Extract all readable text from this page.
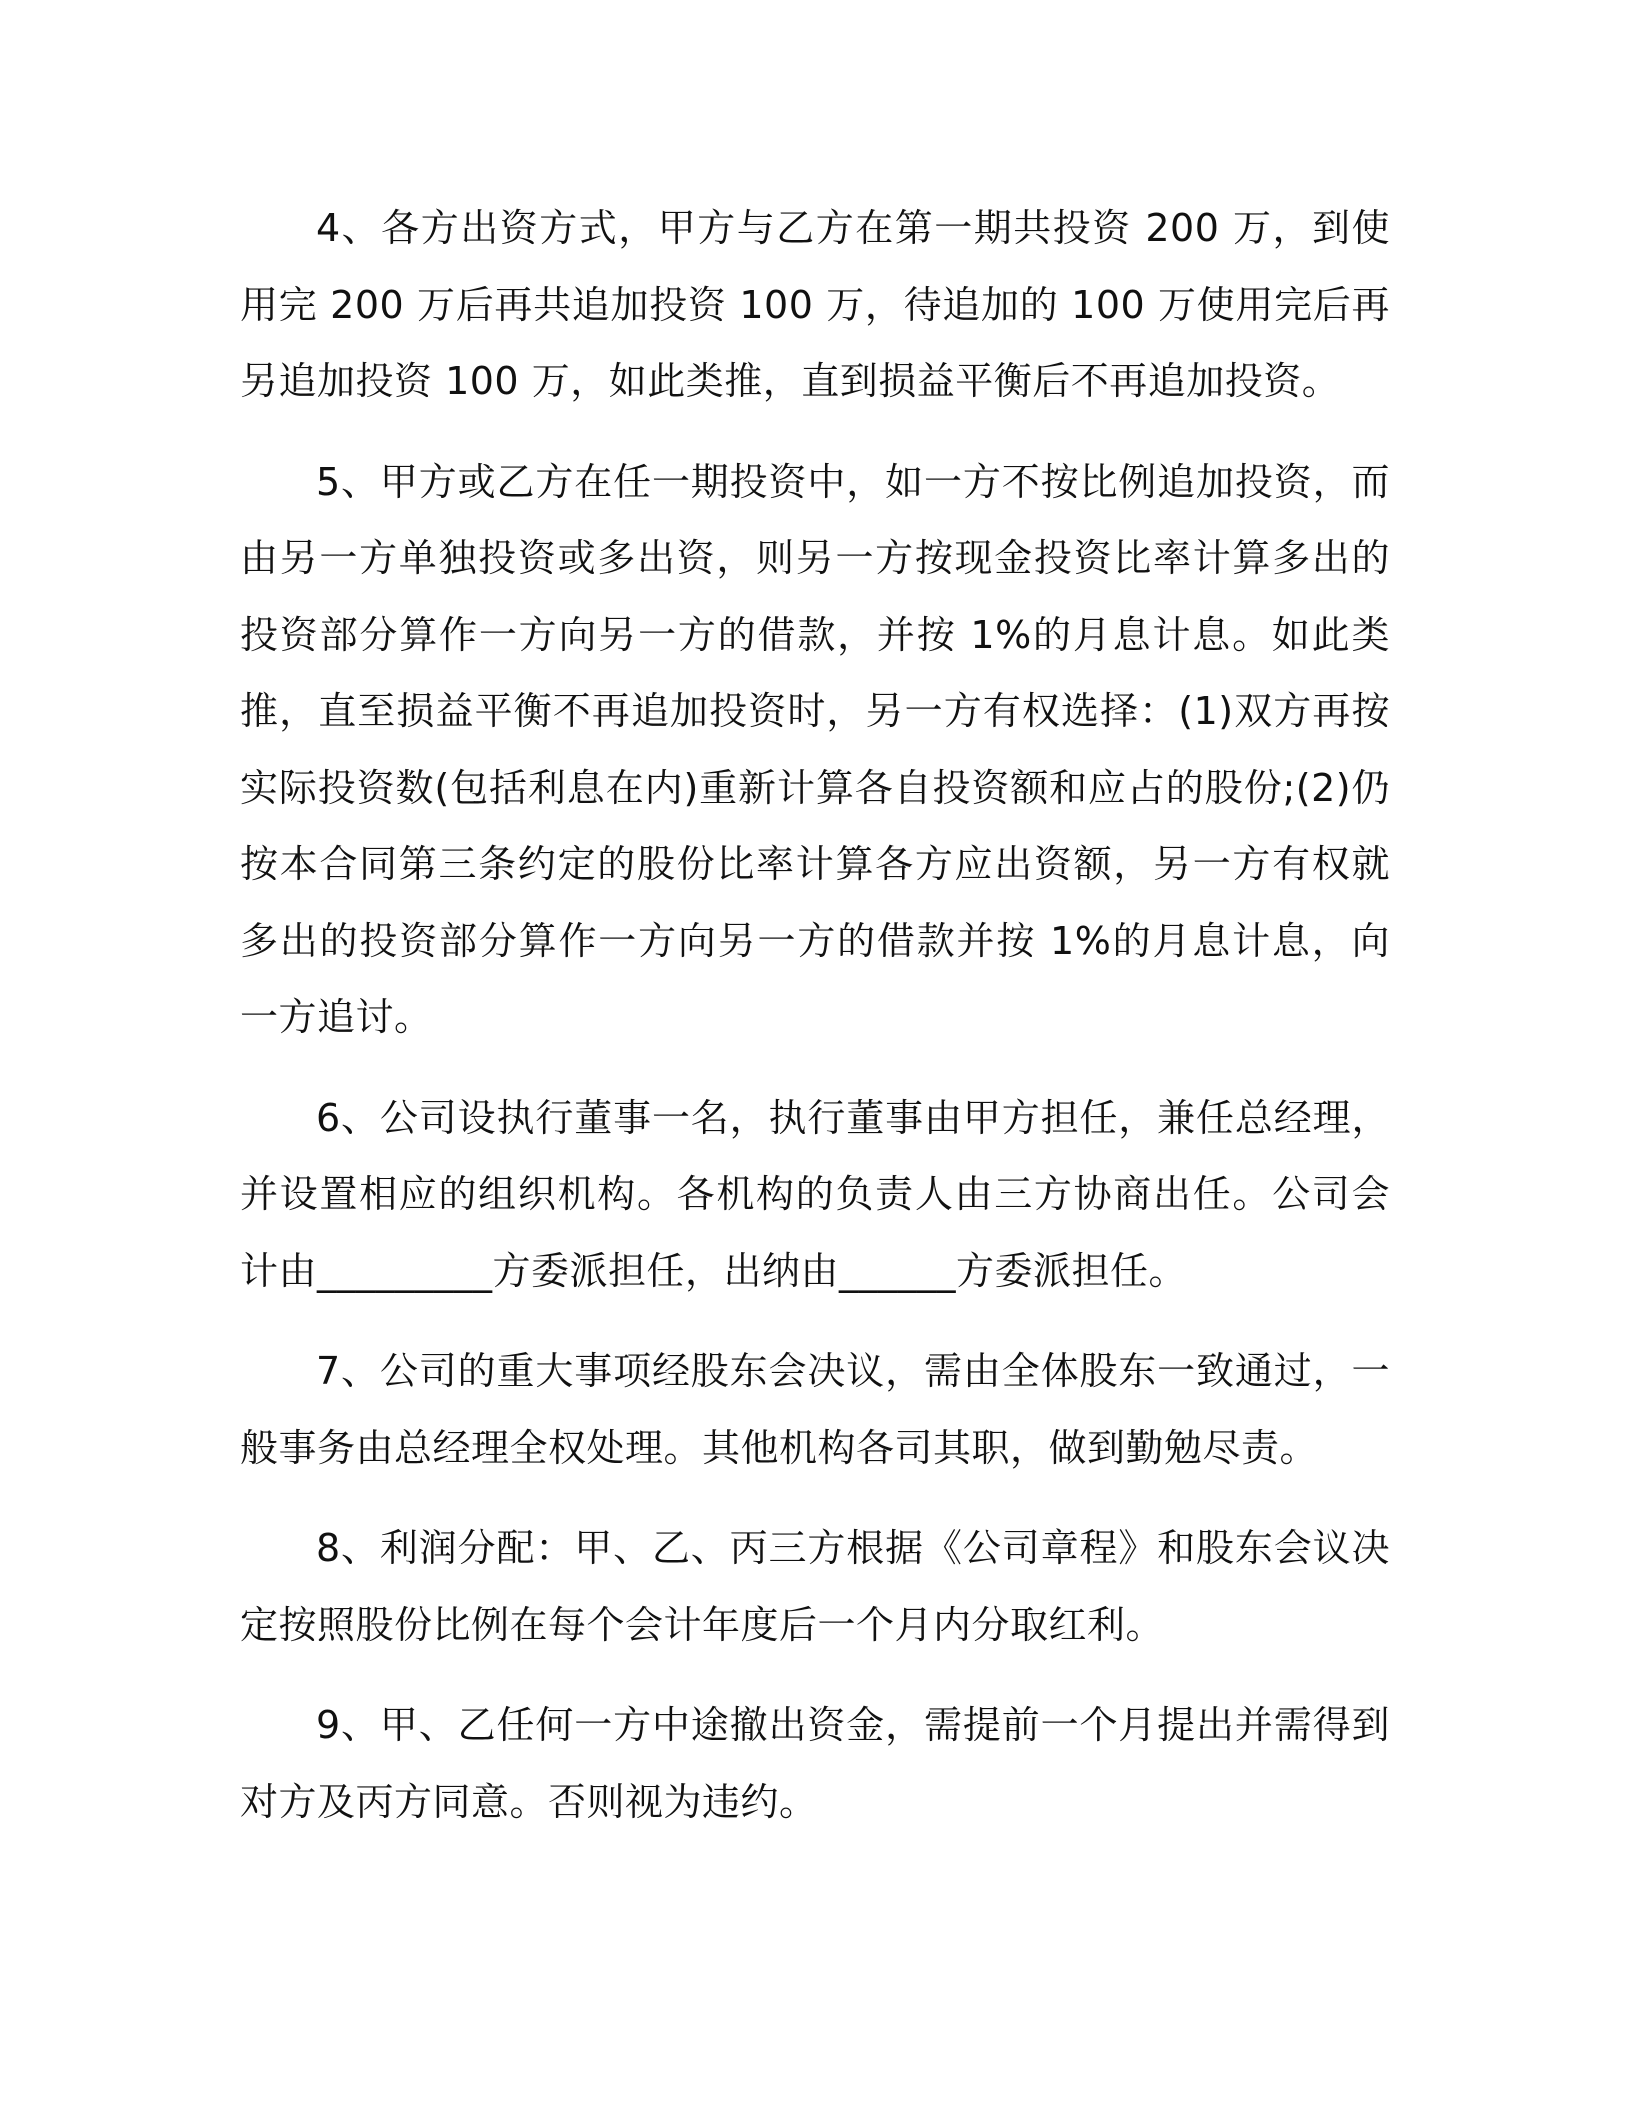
4、各方出资方式，甲方与乙方在第一期共投资 200 万，到使用完 200 万后再共追加投资 100 万，待追加的 100 万使用完后再另追加投资 100 万，如此类推，直到损益平衡后不再追加投资。

5、甲方或乙方在任一期投资中，如一方不按比例追加投资，而由另一方单独投资或多出资，则另一方按现金投资比率计算多出的投资部分算作一方向另一方的借款，并按 1%的月息计息。如此类推，直至损益平衡不再追加投资时，另一方有权选择：(1)双方再按实际投资数(包括利息在内)重新计算各自投资额和应占的股份;(2)仍按本合同第三条约定的股份比率计算各方应出资额，另一方有权就多出的投资部分算作一方向另一方的借款并按 1%的月息计息，向一方追讨。

6、公司设执行董事一名，执行董事由甲方担任，兼任总经理，并设置相应的组织机构。各机构的负责人由三方协商出任。公司会计由_________方委派担任，出纳由______方委派担任。

7、公司的重大事项经股东会决议，需由全体股东一致通过，一般事务由总经理全权处理。其他机构各司其职，做到勤勉尽责。

8、利润分配：甲、乙、丙三方根据《公司章程》和股东会议决定按照股份比例在每个会计年度后一个月内分取红利。

9、甲、乙任何一方中途撤出资金，需提前一个月提出并需得到对方及丙方同意。否则视为违约。
